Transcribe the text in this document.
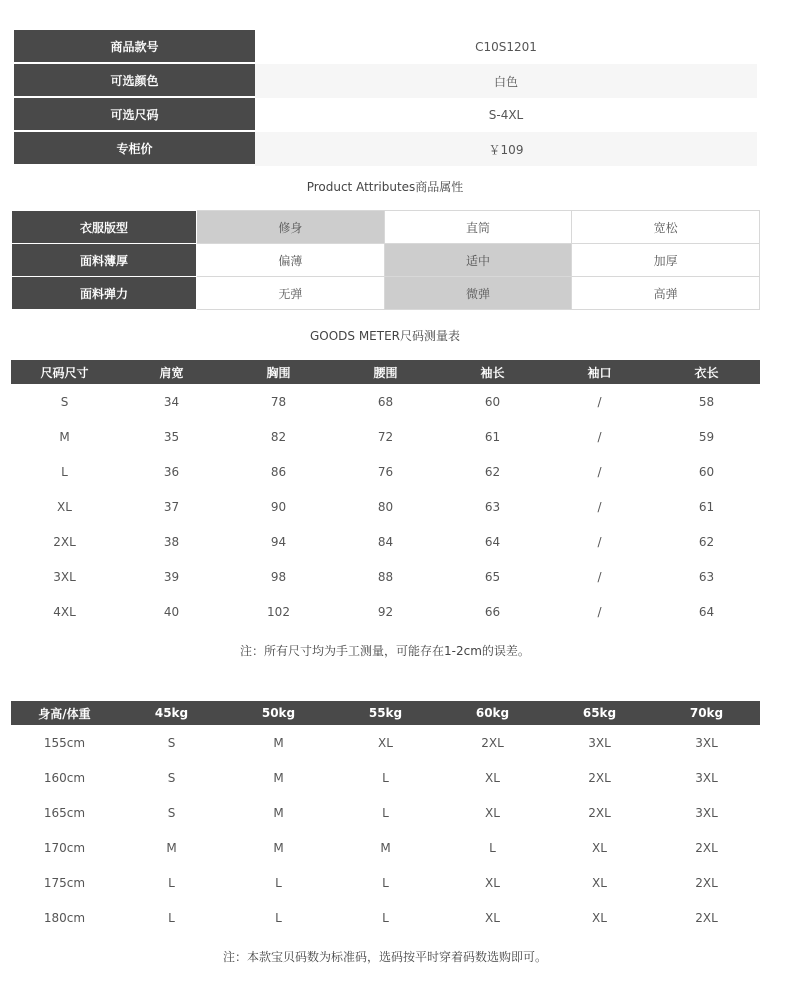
商品款号	C10S1201
可选颜色	白色
可选尺码	S-4XL
专柜价	￥109
Product Attributes商品属性
衣服版型	修身	直筒	宽松
面料薄厚	偏薄	适中	加厚
面料弹力	无弹	微弹	高弹
GOODS METER尺码测量表
尺码尺寸	肩宽	胸围	腰围	袖长	袖口	衣长
S	34	78	68	60	/	58
M	35	82	72	61	/	59
L	36	86	76	62	/	60
XL	37	90	80	63	/	61
2XL	38	94	84	64	/	62
3XL	39	98	88	65	/	63
4XL	40	102	92	66	/	64
注：所有尺寸均为手工测量，可能存在1-2cm的误差。
身高/体重	45kg	50kg	55kg	60kg	65kg	70kg
155cm	S	M	XL	2XL	3XL	3XL
160cm	S	M	L	XL	2XL	3XL
165cm	S	M	L	XL	2XL	3XL
170cm	M	M	M	L	XL	2XL
175cm	L	L	L	XL	XL	2XL
180cm	L	L	L	XL	XL	2XL
注：本款宝贝码数为标准码，选码按平时穿着码数选购即可。
